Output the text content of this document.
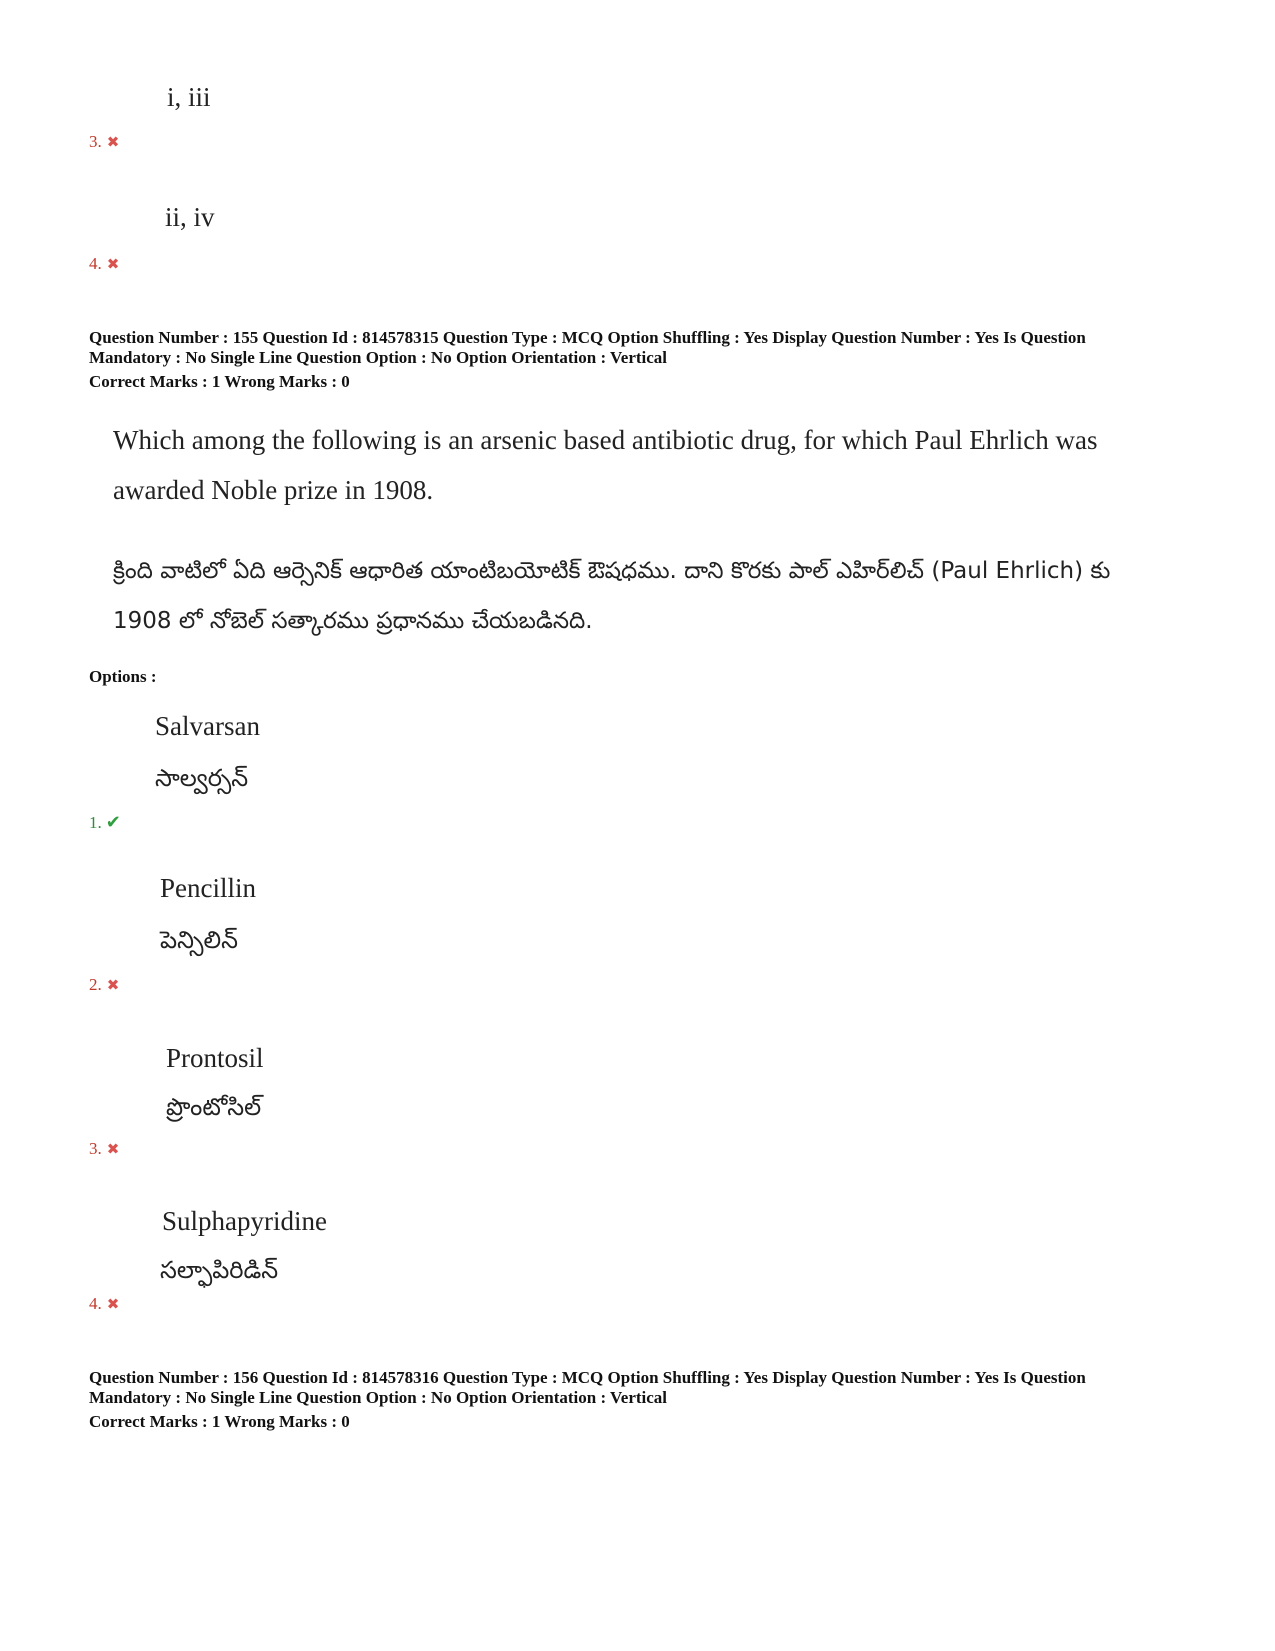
i, iii
3. ✖
ii, iv
4. ✖
Question Number : 155 Question Id : 814578315 Question Type : MCQ Option Shuffling : Yes Display Question Number : Yes Is Question
Mandatory : No Single Line Question Option : No Option Orientation : Vertical
Correct Marks : 1 Wrong Marks : 0
Which among the following is an arsenic based antibiotic drug, for which Paul Ehrlich was awarded Noble prize in 1908.
క్రింది వాటిలో ఏది ఆర్సెనిక్ ఆధారిత యాంటిబయోటిక్ ఔషధము. దాని కొరకు పాల్ ఎహిర్‌లిచ్ (Paul Ehrlich) కు 1908 లో నోబెల్ సత్కారము ప్రధానము చేయబడినది.
Options :
Salvarsan
సాల్వర్సన్
1. ✔
Pencillin
పెన్సిలిన్
2. ✖
Prontosil
ప్రొంటోసిల్
3. ✖
Sulphapyridine
సల్ఫాపిరిడిన్
4. ✖
Question Number : 156 Question Id : 814578316 Question Type : MCQ Option Shuffling : Yes Display Question Number : Yes Is Question
Mandatory : No Single Line Question Option : No Option Orientation : Vertical
Correct Marks : 1 Wrong Marks : 0
